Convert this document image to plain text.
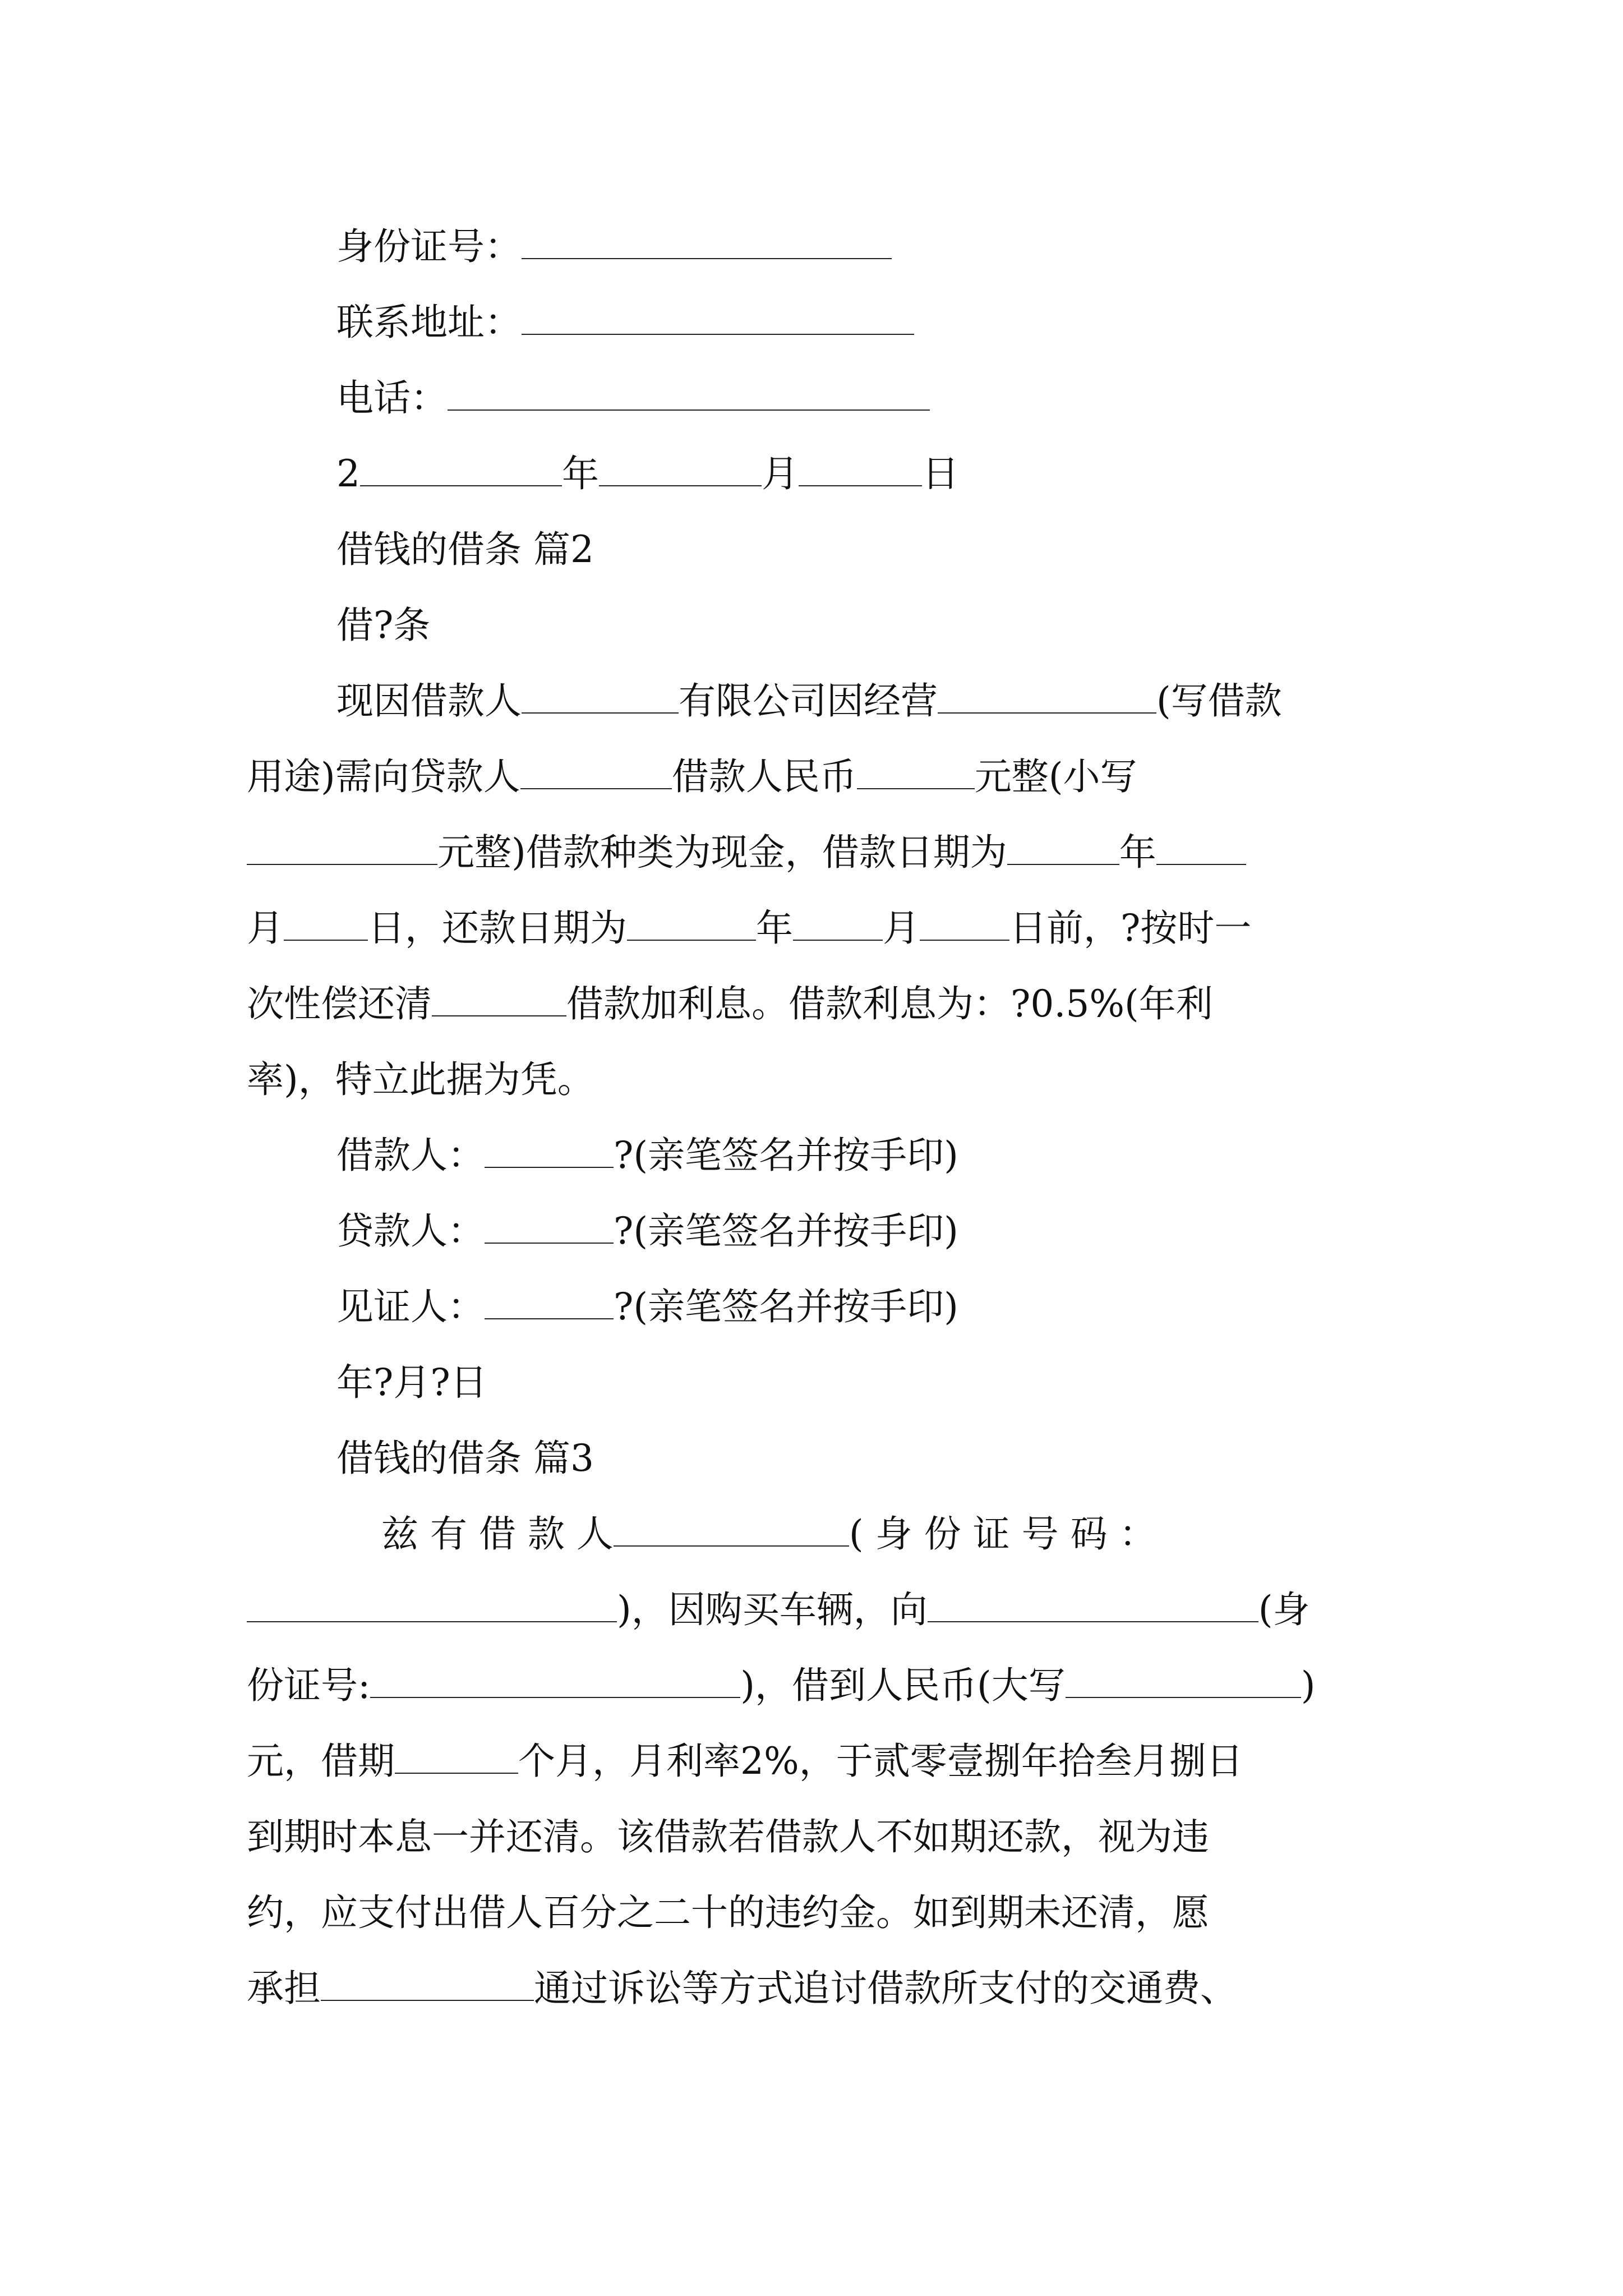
身份证号：
联系地址：
电话：
2	年	月	日
借钱的借条 篇2
借?条
现因借款人	有限公司因经营	(写借款
用途)需向贷款人	借款人民币	元整(小写
元整)借款种类为现金，借款日期为	年
月 日，还款日期为	年 月 日前，?按时一
次性偿还清	借款加利息。借款利息为：?0.5%(年利
率)，特立此据为凭。
借款人：	?(亲笔签名并按手印)
贷款人：	?(亲笔签名并按手印)
见证人：	?(亲笔签名并按手印)
年?月?日
借钱的借条 篇3
兹 有 借 款 人	( 身 份 证 号 码 ：
)，因购买车辆，向	(身
份证号:	)，借到人民币(大写	)
元，借期	个月，月利率2%，于贰零壹捌年拾叁月捌日
到期时本息一并还清。该借款若借款人不如期还款，视为违
约，应支付出借人百分之二十的违约金。如到期未还清，愿
承担	通过诉讼等方式追讨借款所支付的交通费、
